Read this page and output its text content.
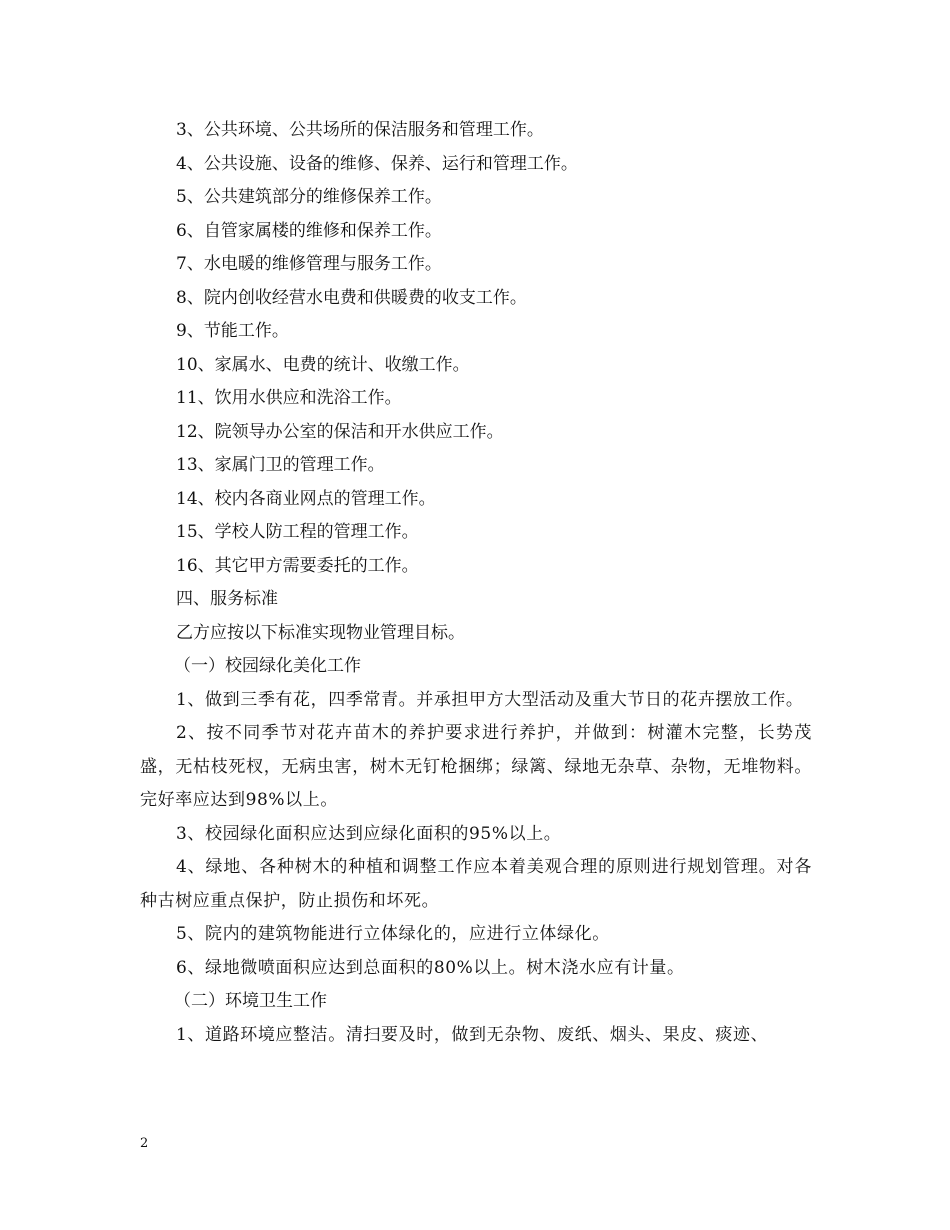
3、公共环境、公共场所的保洁服务和管理工作。

4、公共设施、设备的维修、保养、运行和管理工作。

5、公共建筑部分的维修保养工作。

6、自管家属楼的维修和保养工作。

7、水电暖的维修管理与服务工作。

8、院内创收经营水电费和供暖费的收支工作。

9、节能工作。

10、家属水、电费的统计、收缴工作。

11、饮用水供应和洗浴工作。

12、院领导办公室的保洁和开水供应工作。

13、家属门卫的管理工作。

14、校内各商业网点的管理工作。

15、学校人防工程的管理工作。

16、其它甲方需要委托的工作。

四、服务标准

乙方应按以下标准实现物业管理目标。

（一）校园绿化美化工作

1、做到三季有花，四季常青。并承担甲方大型活动及重大节日的花卉摆放工作。

2、按不同季节对花卉苗木的养护要求进行养护，并做到：树灌木完整，长势茂盛，无枯枝死杈，无病虫害，树木无钉枪捆绑；绿篱、绿地无杂草、杂物，无堆物料。完好率应达到98%以上。

3、校园绿化面积应达到应绿化面积的95%以上。

4、绿地、各种树木的种植和调整工作应本着美观合理的原则进行规划管理。对各种古树应重点保护，防止损伤和坏死。

5、院内的建筑物能进行立体绿化的，应进行立体绿化。

6、绿地微喷面积应达到总面积的80%以上。树木浇水应有计量。

（二）环境卫生工作

1、道路环境应整洁。清扫要及时，做到无杂物、废纸、烟头、果皮、痰迹、

2
